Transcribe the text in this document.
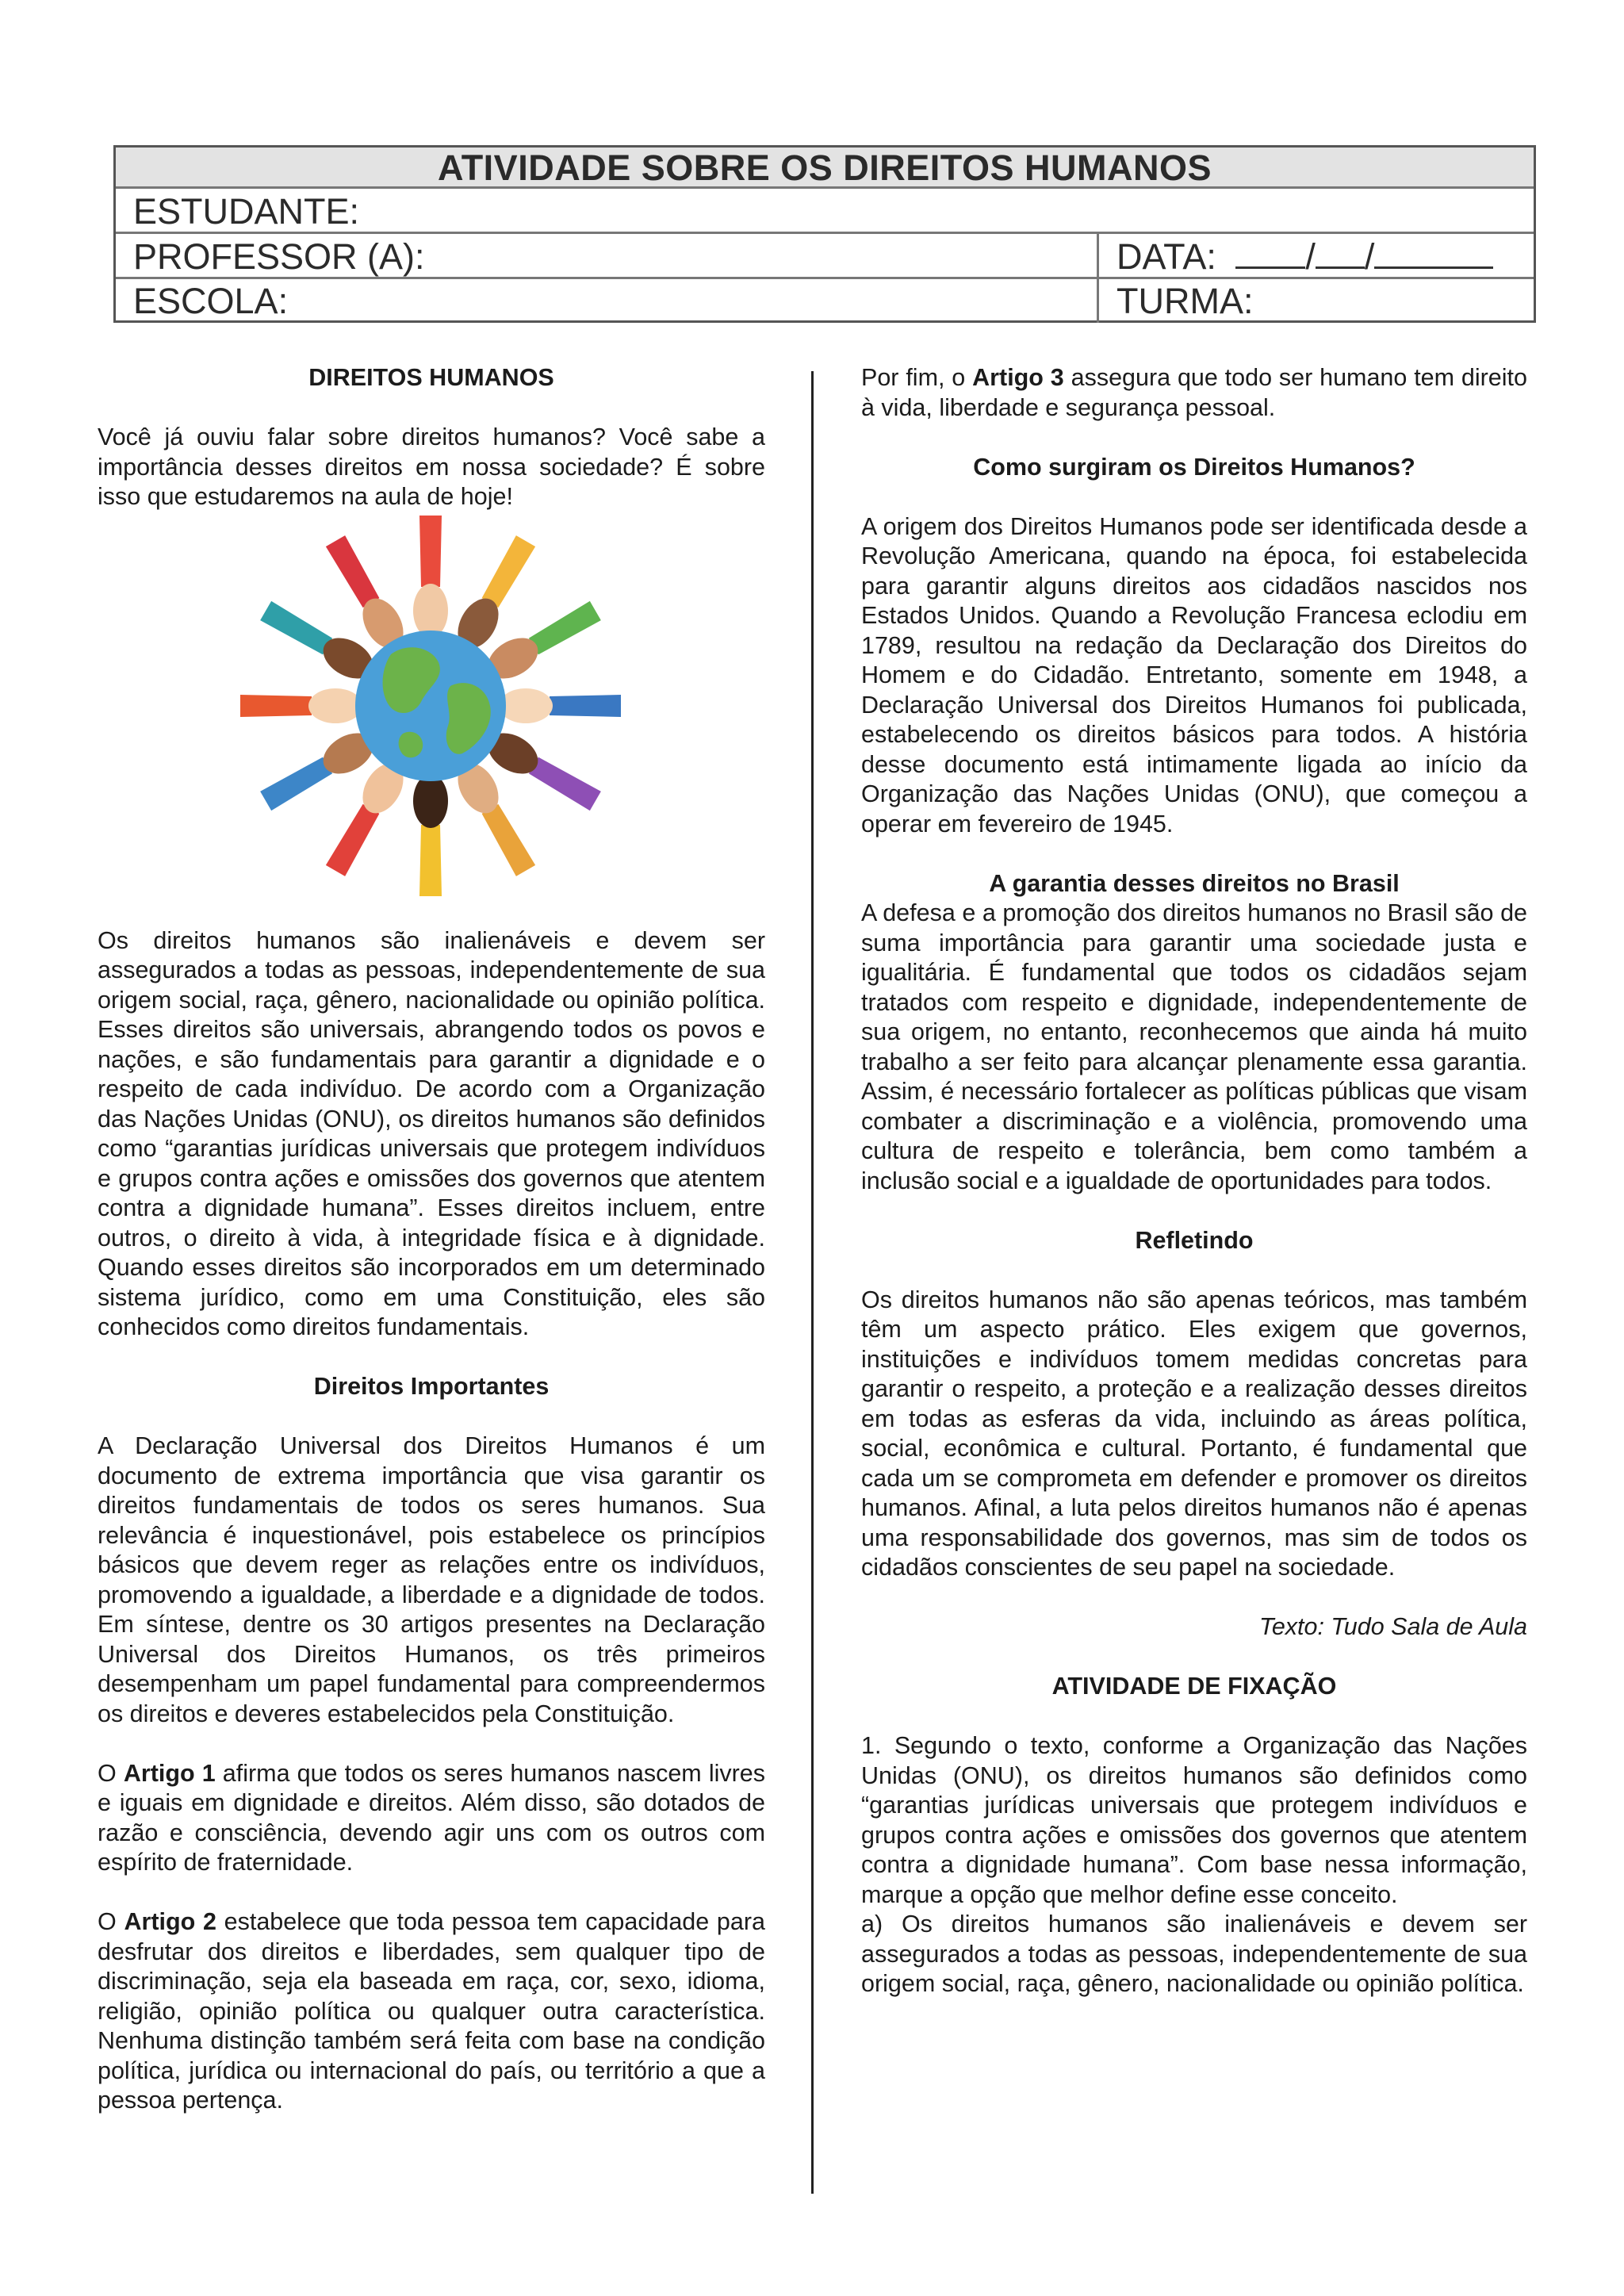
ATIVIDADE SOBRE OS DIREITOS HUMANOS
ESTUDANTE:
PROFESSOR (A):	DATA:	/ /
ESCOLA:	TURMA:

DIREITOS HUMANOS

Você já ouviu falar sobre direitos humanos? Você sabe a importância desses direitos em nossa sociedade? É sobre isso que estudaremos na aula de hoje!

Os direitos humanos são inalienáveis e devem ser assegurados a todas as pessoas, independentemente de sua origem social, raça, gênero, nacionalidade ou opinião política. Esses direitos são universais, abrangendo todos os povos e nações, e são fundamentais para garantir a dignidade e o respeito de cada indivíduo. De acordo com a Organização das Nações Unidas (ONU), os direitos humanos são definidos como “garantias jurídicas universais que protegem indivíduos e grupos contra ações e omissões dos governos que atentem contra a dignidade humana”. Esses direitos incluem, entre outros, o direito à vida, à integridade física e à dignidade. Quando esses direitos são incorporados em um determinado sistema jurídico, como em uma Constituição, eles são conhecidos como direitos fundamentais.

Direitos Importantes

A Declaração Universal dos Direitos Humanos é um documento de extrema importância que visa garantir os direitos fundamentais de todos os seres humanos. Sua relevância é inquestionável, pois estabelece os princípios básicos que devem reger as relações entre os indivíduos, promovendo a igualdade, a liberdade e a dignidade de todos. Em síntese, dentre os 30 artigos presentes na Declaração Universal dos Direitos Humanos, os três primeiros desempenham um papel fundamental para compreendermos os direitos e deveres estabelecidos pela Constituição.

O Artigo 1 afirma que todos os seres humanos nascem livres e iguais em dignidade e direitos. Além disso, são dotados de razão e consciência, devendo agir uns com os outros com espírito de fraternidade.

O Artigo 2 estabelece que toda pessoa tem capacidade para desfrutar dos direitos e liberdades, sem qualquer tipo de discriminação, seja ela baseada em raça, cor, sexo, idioma, religião, opinião política ou qualquer outra característica. Nenhuma distinção também será feita com base na condição política, jurídica ou internacional do país, ou território a que a pessoa pertença.

Por fim, o Artigo 3 assegura que todo ser humano tem direito à vida, liberdade e segurança pessoal.

Como surgiram os Direitos Humanos?

A origem dos Direitos Humanos pode ser identificada desde a Revolução Americana, quando na época, foi estabelecida para garantir alguns direitos aos cidadãos nascidos nos Estados Unidos. Quando a Revolução Francesa eclodiu em 1789, resultou na redação da Declaração dos Direitos do Homem e do Cidadão. Entretanto, somente em 1948, a Declaração Universal dos Direitos Humanos foi publicada, estabelecendo os direitos básicos para todos. A história desse documento está intimamente ligada ao início da Organização das Nações Unidas (ONU), que começou a operar em fevereiro de 1945.

A garantia desses direitos no Brasil

A defesa e a promoção dos direitos humanos no Brasil são de suma importância para garantir uma sociedade justa e igualitária. É fundamental que todos os cidadãos sejam tratados com respeito e dignidade, independentemente de sua origem, no entanto, reconhecemos que ainda há muito trabalho a ser feito para alcançar plenamente essa garantia. Assim, é necessário fortalecer as políticas públicas que visam combater a discriminação e a violência, promovendo uma cultura de respeito e tolerância, bem como também a inclusão social e a igualdade de oportunidades para todos.

Refletindo

Os direitos humanos não são apenas teóricos, mas também têm um aspecto prático. Eles exigem que governos, instituições e indivíduos tomem medidas concretas para garantir o respeito, a proteção e a realização desses direitos em todas as esferas da vida, incluindo as áreas política, social, econômica e cultural. Portanto, é fundamental que cada um se comprometa em defender e promover os direitos humanos. Afinal, a luta pelos direitos humanos não é apenas uma responsabilidade dos governos, mas sim de todos os cidadãos conscientes de seu papel na sociedade.

Texto: Tudo Sala de Aula

ATIVIDADE DE FIXAÇÃO

1. Segundo o texto, conforme a Organização das Nações Unidas (ONU), os direitos humanos são definidos como “garantias jurídicas universais que protegem indivíduos e grupos contra ações e omissões dos governos que atentem contra a dignidade humana”. Com base nessa informação, marque a opção que melhor define esse conceito.

a) Os direitos humanos são inalienáveis e devem ser assegurados a todas as pessoas, independentemente de sua origem social, raça, gênero, nacionalidade ou opinião política.
